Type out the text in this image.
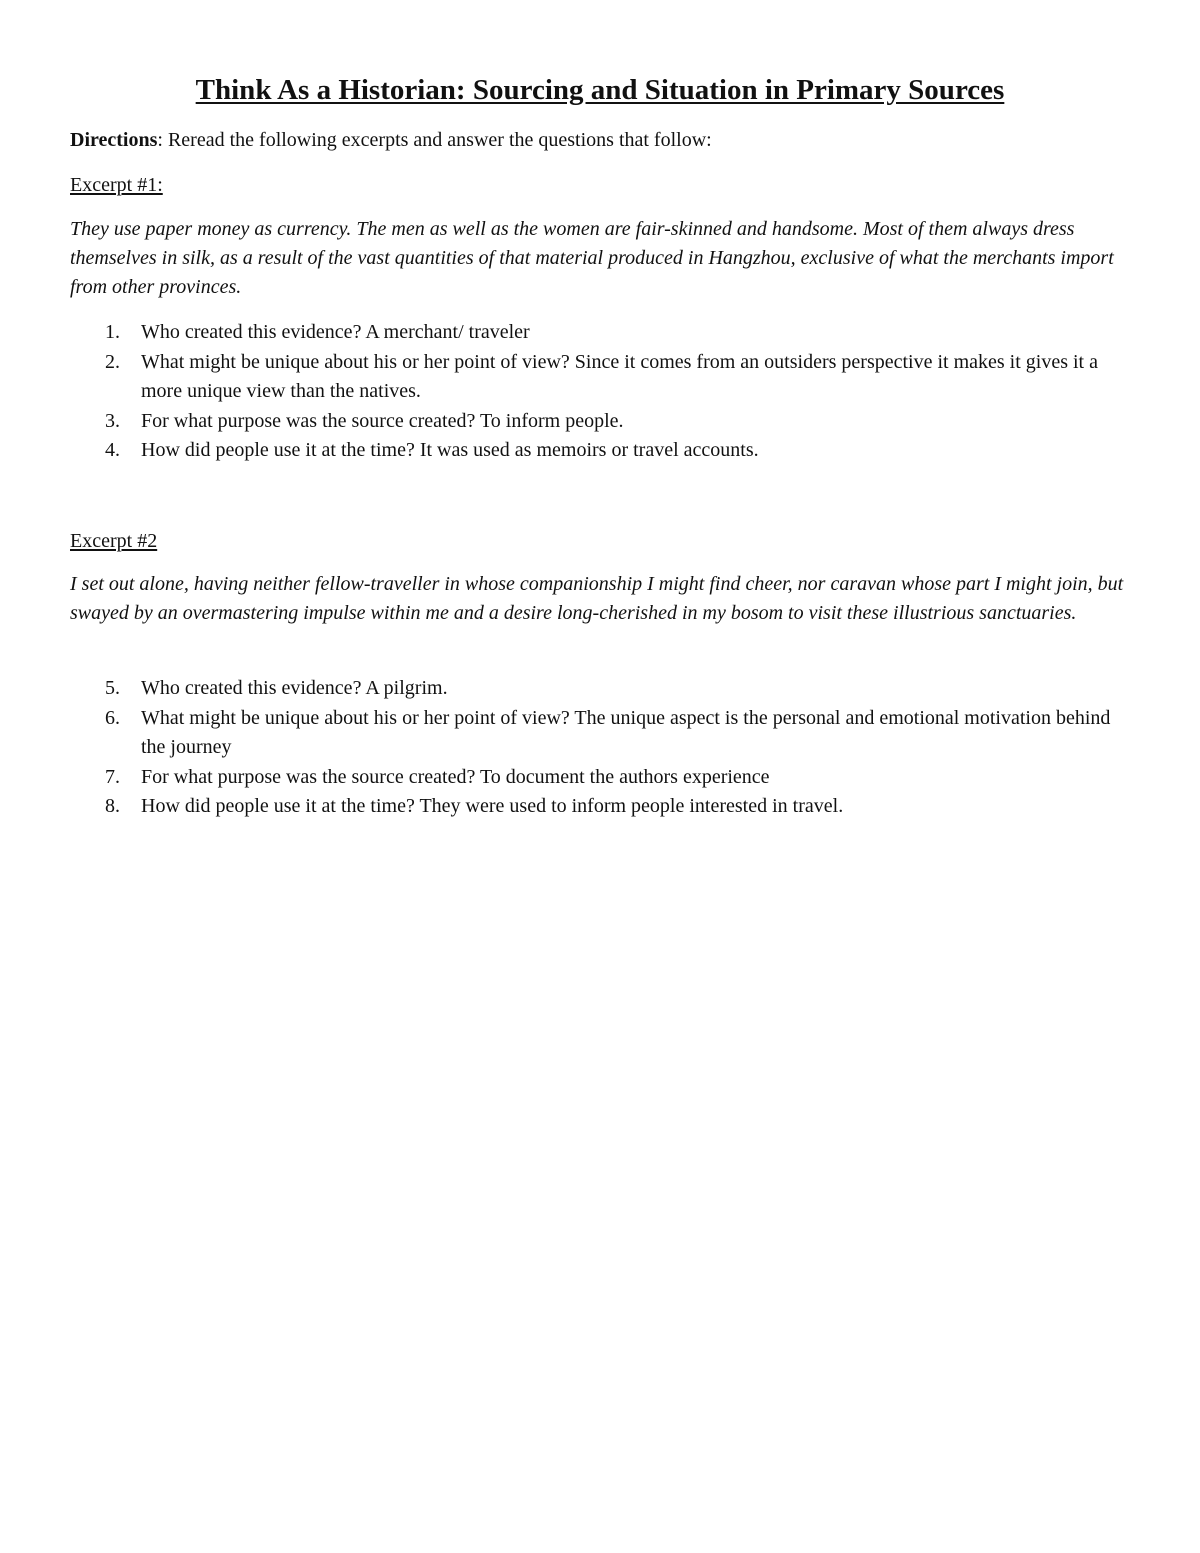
Think As a Historian: Sourcing and Situation in Primary Sources
Directions: Reread the following excerpts and answer the questions that follow:
Excerpt #1:
They use paper money as currency. The men as well as the women are fair-skinned and handsome. Most of them always dress themselves in silk, as a result of the vast quantities of that material produced in Hangzhou, exclusive of what the merchants import from other provinces.
1. Who created this evidence? A merchant/ traveler
2. What might be unique about his or her point of view? Since it comes from an outsiders perspective it makes it gives it a more unique view than the natives.
3. For what purpose was the source created? To inform people.
4. How did people use it at the time? It was used as memoirs or travel accounts.
Excerpt #2
I set out alone, having neither fellow-traveller in whose companionship I might find cheer, nor caravan whose part I might join, but swayed by an overmastering impulse within me and a desire long-cherished in my bosom to visit these illustrious sanctuaries.
5. Who created this evidence? A pilgrim.
6. What might be unique about his or her point of view? The unique aspect is the personal and emotional motivation behind the journey
7. For what purpose was the source created? To document the authors experience
8. How did people use it at the time? They were used to inform people interested in travel.
